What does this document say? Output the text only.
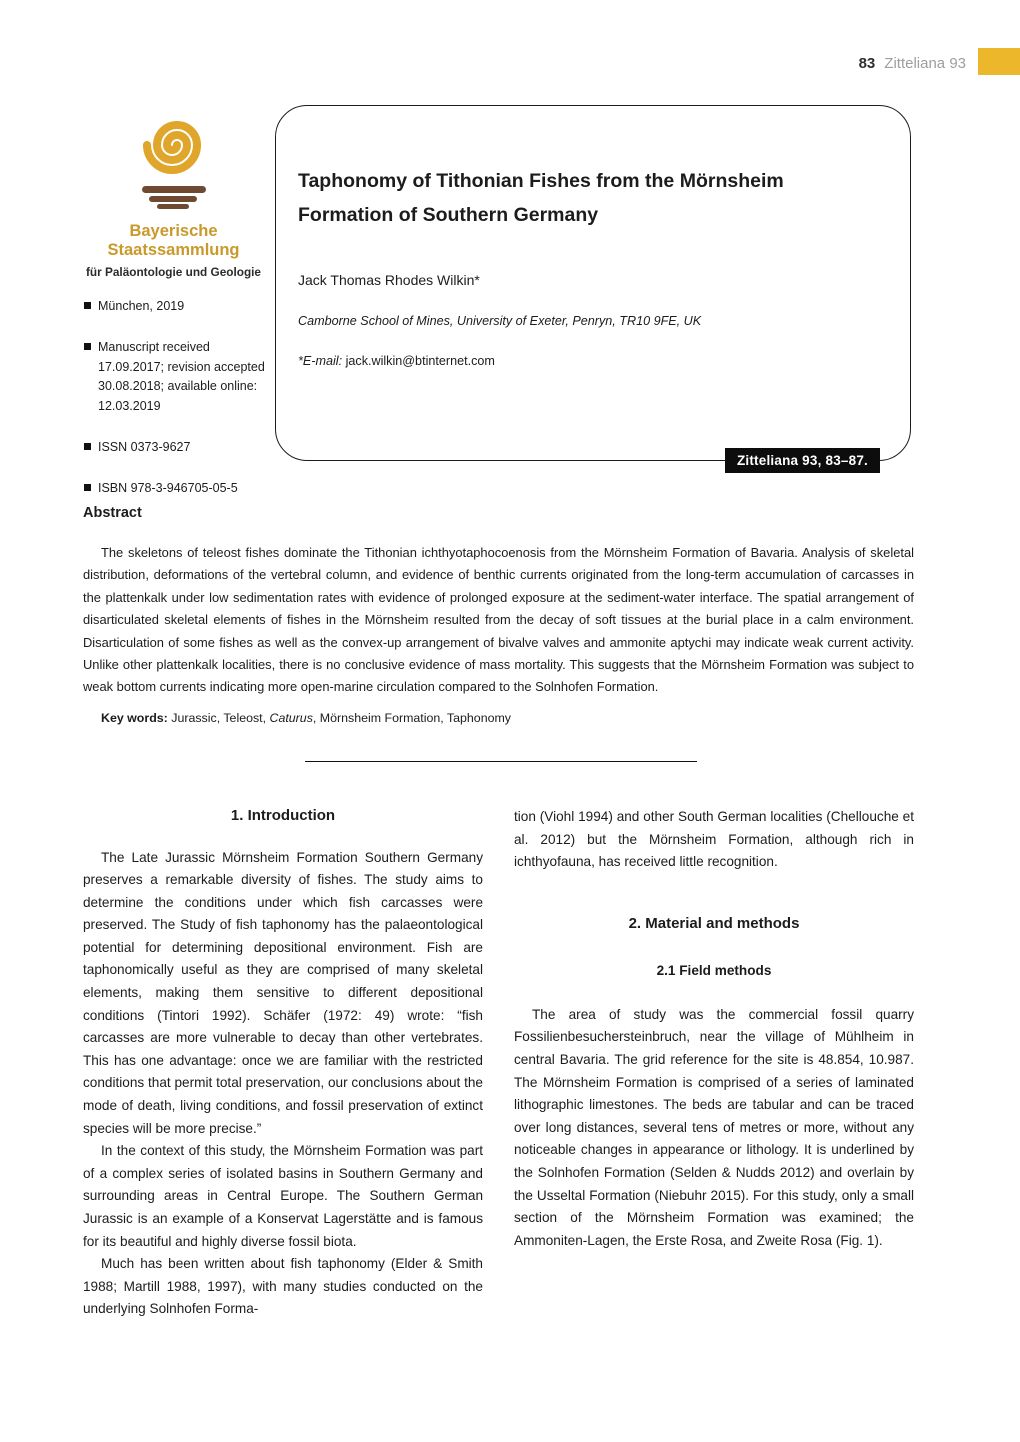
83 Zitteliana 93
Bayerische
Staatssammlung
für Paläontologie und Geologie
München, 2019
Manuscript received 17.09.2017; revision accepted 30.08.2018; available online: 12.03.2019
ISSN 0373-9627
ISBN 978-3-946705-05-5
Taphonomy of Tithonian Fishes from the Mörnsheim Formation of Southern Germany
Jack Thomas Rhodes Wilkin*
Camborne School of Mines, University of Exeter, Penryn, TR10 9FE, UK
*E-mail: jack.wilkin@btinternet.com
Zitteliana 93, 83–87.
Abstract

The skeletons of teleost fishes dominate the Tithonian ichthyotaphocoenosis from the Mörnsheim Formation of Bavaria. Analysis of skeletal distribution, deformations of the vertebral column, and evidence of benthic currents originated from the long-term accumulation of carcasses in the plattenkalk under low sedimentation rates with evidence of prolonged exposure at the sediment-water interface. The spatial arrangement of disarticulated skeletal elements of fishes in the Mörnsheim resulted from the decay of soft tissues at the burial place in a calm environment. Disarticulation of some fishes as well as the convex-up arrangement of bivalve valves and ammonite aptychi may indicate weak current activity. Unlike other plattenkalk localities, there is no conclusive evidence of mass mortality. This suggests that the Mörnsheim Formation was subject to weak bottom currents indicating more open-marine circulation compared to the Solnhofen Formation.

Key words: Jurassic, Teleost, Caturus, Mörnsheim Formation, Taphonomy

1. Introduction

The Late Jurassic Mörnsheim Formation Southern Germany preserves a remarkable diversity of fishes. The study aims to determine the conditions under which fish carcasses were preserved. The Study of fish taphonomy has the palaeontological potential for determining depositional environment. Fish are taphonomically useful as they are comprised of many skeletal elements, making them sensitive to different depositional conditions (Tintori 1992). Schäfer (1972: 49) wrote: “fish carcasses are more vulnerable to decay than other vertebrates. This has one advantage: once we are familiar with the restricted conditions that permit total preservation, our conclusions about the mode of death, living conditions, and fossil preservation of extinct species will be more precise.”

In the context of this study, the Mörnsheim Formation was part of a complex series of isolated basins in Southern Germany and surrounding areas in Central Europe. The Southern German Jurassic is an example of a Konservat Lagerstätte and is famous for its beautiful and highly diverse fossil biota.

Much has been written about fish taphonomy (Elder & Smith 1988; Martill 1988, 1997), with many studies conducted on the underlying Solnhofen Forma-

tion (Viohl 1994) and other South German localities (Chellouche et al. 2012) but the Mörnsheim Formation, although rich in ichthyofauna, has received little recognition.

2. Material and methods
2.1 Field methods

The area of study was the commercial fossil quarry Fossilienbesuchersteinbruch, near the village of Mühlheim in central Bavaria. The grid reference for the site is 48.854, 10.987. The Mörnsheim Formation is comprised of a series of laminated lithographic limestones. The beds are tabular and can be traced over long distances, several tens of metres or more, without any noticeable changes in appearance or lithology. It is underlined by the Solnhofen Formation (Selden & Nudds 2012) and overlain by the Usseltal Formation (Niebuhr 2015). For this study, only a small section of the Mörnsheim Formation was examined; the Ammoniten-Lagen, the Erste Rosa, and Zweite Rosa (Fig. 1).
